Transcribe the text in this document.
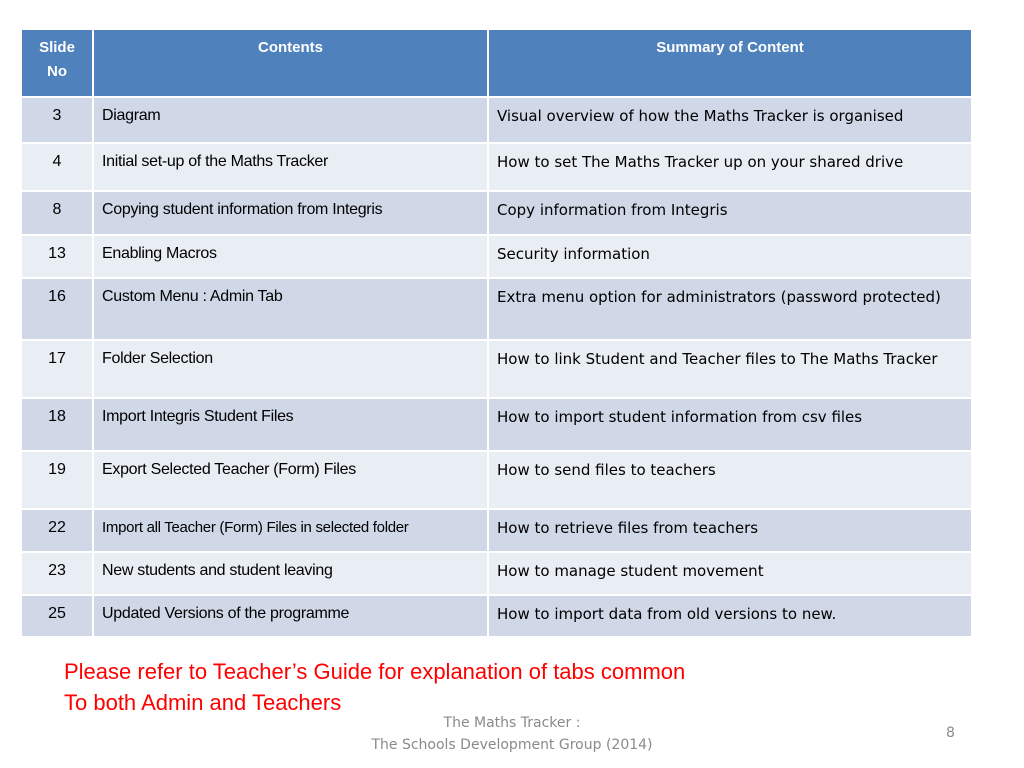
Slide No	Contents	Summary of Content
3	Diagram	Visual overview of how the Maths Tracker is organised
4	Initial set-up of the Maths Tracker	How to set The Maths Tracker up on your shared drive
8	Copying student information from Integris	Copy information from Integris
13	Enabling Macros	Security information
16	Custom Menu : Admin Tab	Extra menu option for administrators (password protected)
17	Folder Selection	How to link Student and Teacher files to The Maths Tracker
18	Import Integris Student Files	How to import student information from csv files
19	Export Selected Teacher (Form) Files	How to send files to teachers
22	Import all Teacher (Form) Files in selected folder	How to retrieve files from teachers
23	New students and student leaving	How to manage student movement
25	Updated Versions of the programme	How to import data from old versions to new.
Please refer to Teacher’s Guide for explanation of tabs common
To both Admin and Teachers
The Maths Tracker :
The Schools Development Group (2014)
8
